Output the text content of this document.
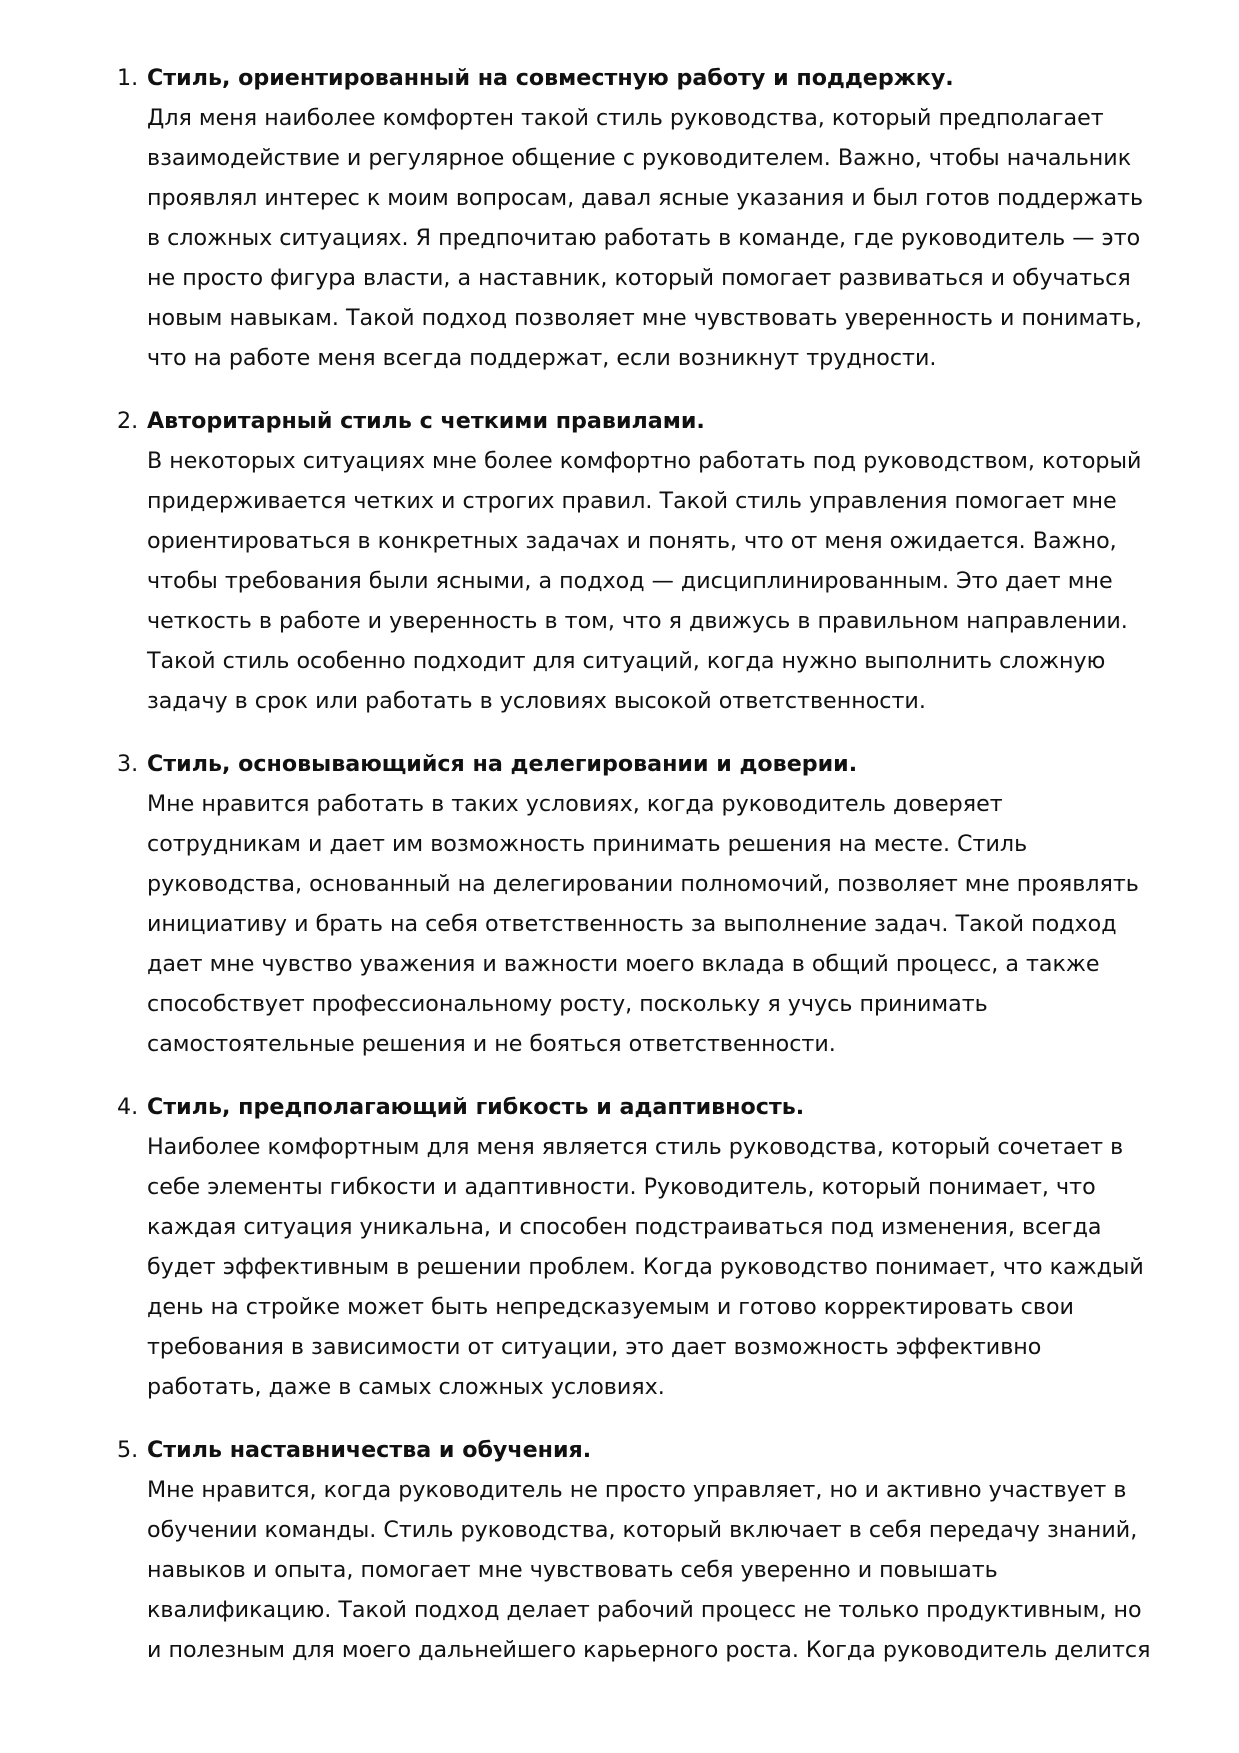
1. Стиль, ориентированный на совместную работу и поддержку.
Для меня наиболее комфортен такой стиль руководства, который предполагает взаимодействие и регулярное общение с руководителем. Важно, чтобы начальник проявлял интерес к моим вопросам, давал ясные указания и был готов поддержать в сложных ситуациях. Я предпочитаю работать в команде, где руководитель — это не просто фигура власти, а наставник, который помогает развиваться и обучаться новым навыкам. Такой подход позволяет мне чувствовать уверенность и понимать, что на работе меня всегда поддержат, если возникнут трудности.
2. Авторитарный стиль с четкими правилами.
В некоторых ситуациях мне более комфортно работать под руководством, который придерживается четких и строгих правил. Такой стиль управления помогает мне ориентироваться в конкретных задачах и понять, что от меня ожидается. Важно, чтобы требования были ясными, а подход — дисциплинированным. Это дает мне четкость в работе и уверенность в том, что я движусь в правильном направлении. Такой стиль особенно подходит для ситуаций, когда нужно выполнить сложную задачу в срок или работать в условиях высокой ответственности.
3. Стиль, основывающийся на делегировании и доверии.
Мне нравится работать в таких условиях, когда руководитель доверяет сотрудникам и дает им возможность принимать решения на месте. Стиль руководства, основанный на делегировании полномочий, позволяет мне проявлять инициативу и брать на себя ответственность за выполнение задач. Такой подход дает мне чувство уважения и важности моего вклада в общий процесс, а также способствует профессиональному росту, поскольку я учусь принимать самостоятельные решения и не бояться ответственности.
4. Стиль, предполагающий гибкость и адаптивность.
Наиболее комфортным для меня является стиль руководства, который сочетает в себе элементы гибкости и адаптивности. Руководитель, который понимает, что каждая ситуация уникальна, и способен подстраиваться под изменения, всегда будет эффективным в решении проблем. Когда руководство понимает, что каждый день на стройке может быть непредсказуемым и готово корректировать свои требования в зависимости от ситуации, это дает возможность эффективно работать, даже в самых сложных условиях.
5. Стиль наставничества и обучения.
Мне нравится, когда руководитель не просто управляет, но и активно участвует в обучении команды. Стиль руководства, который включает в себя передачу знаний, навыков и опыта, помогает мне чувствовать себя уверенно и повышать квалификацию. Такой подход делает рабочий процесс не только продуктивным, но и полезным для моего дальнейшего карьерного роста. Когда руководитель делится
